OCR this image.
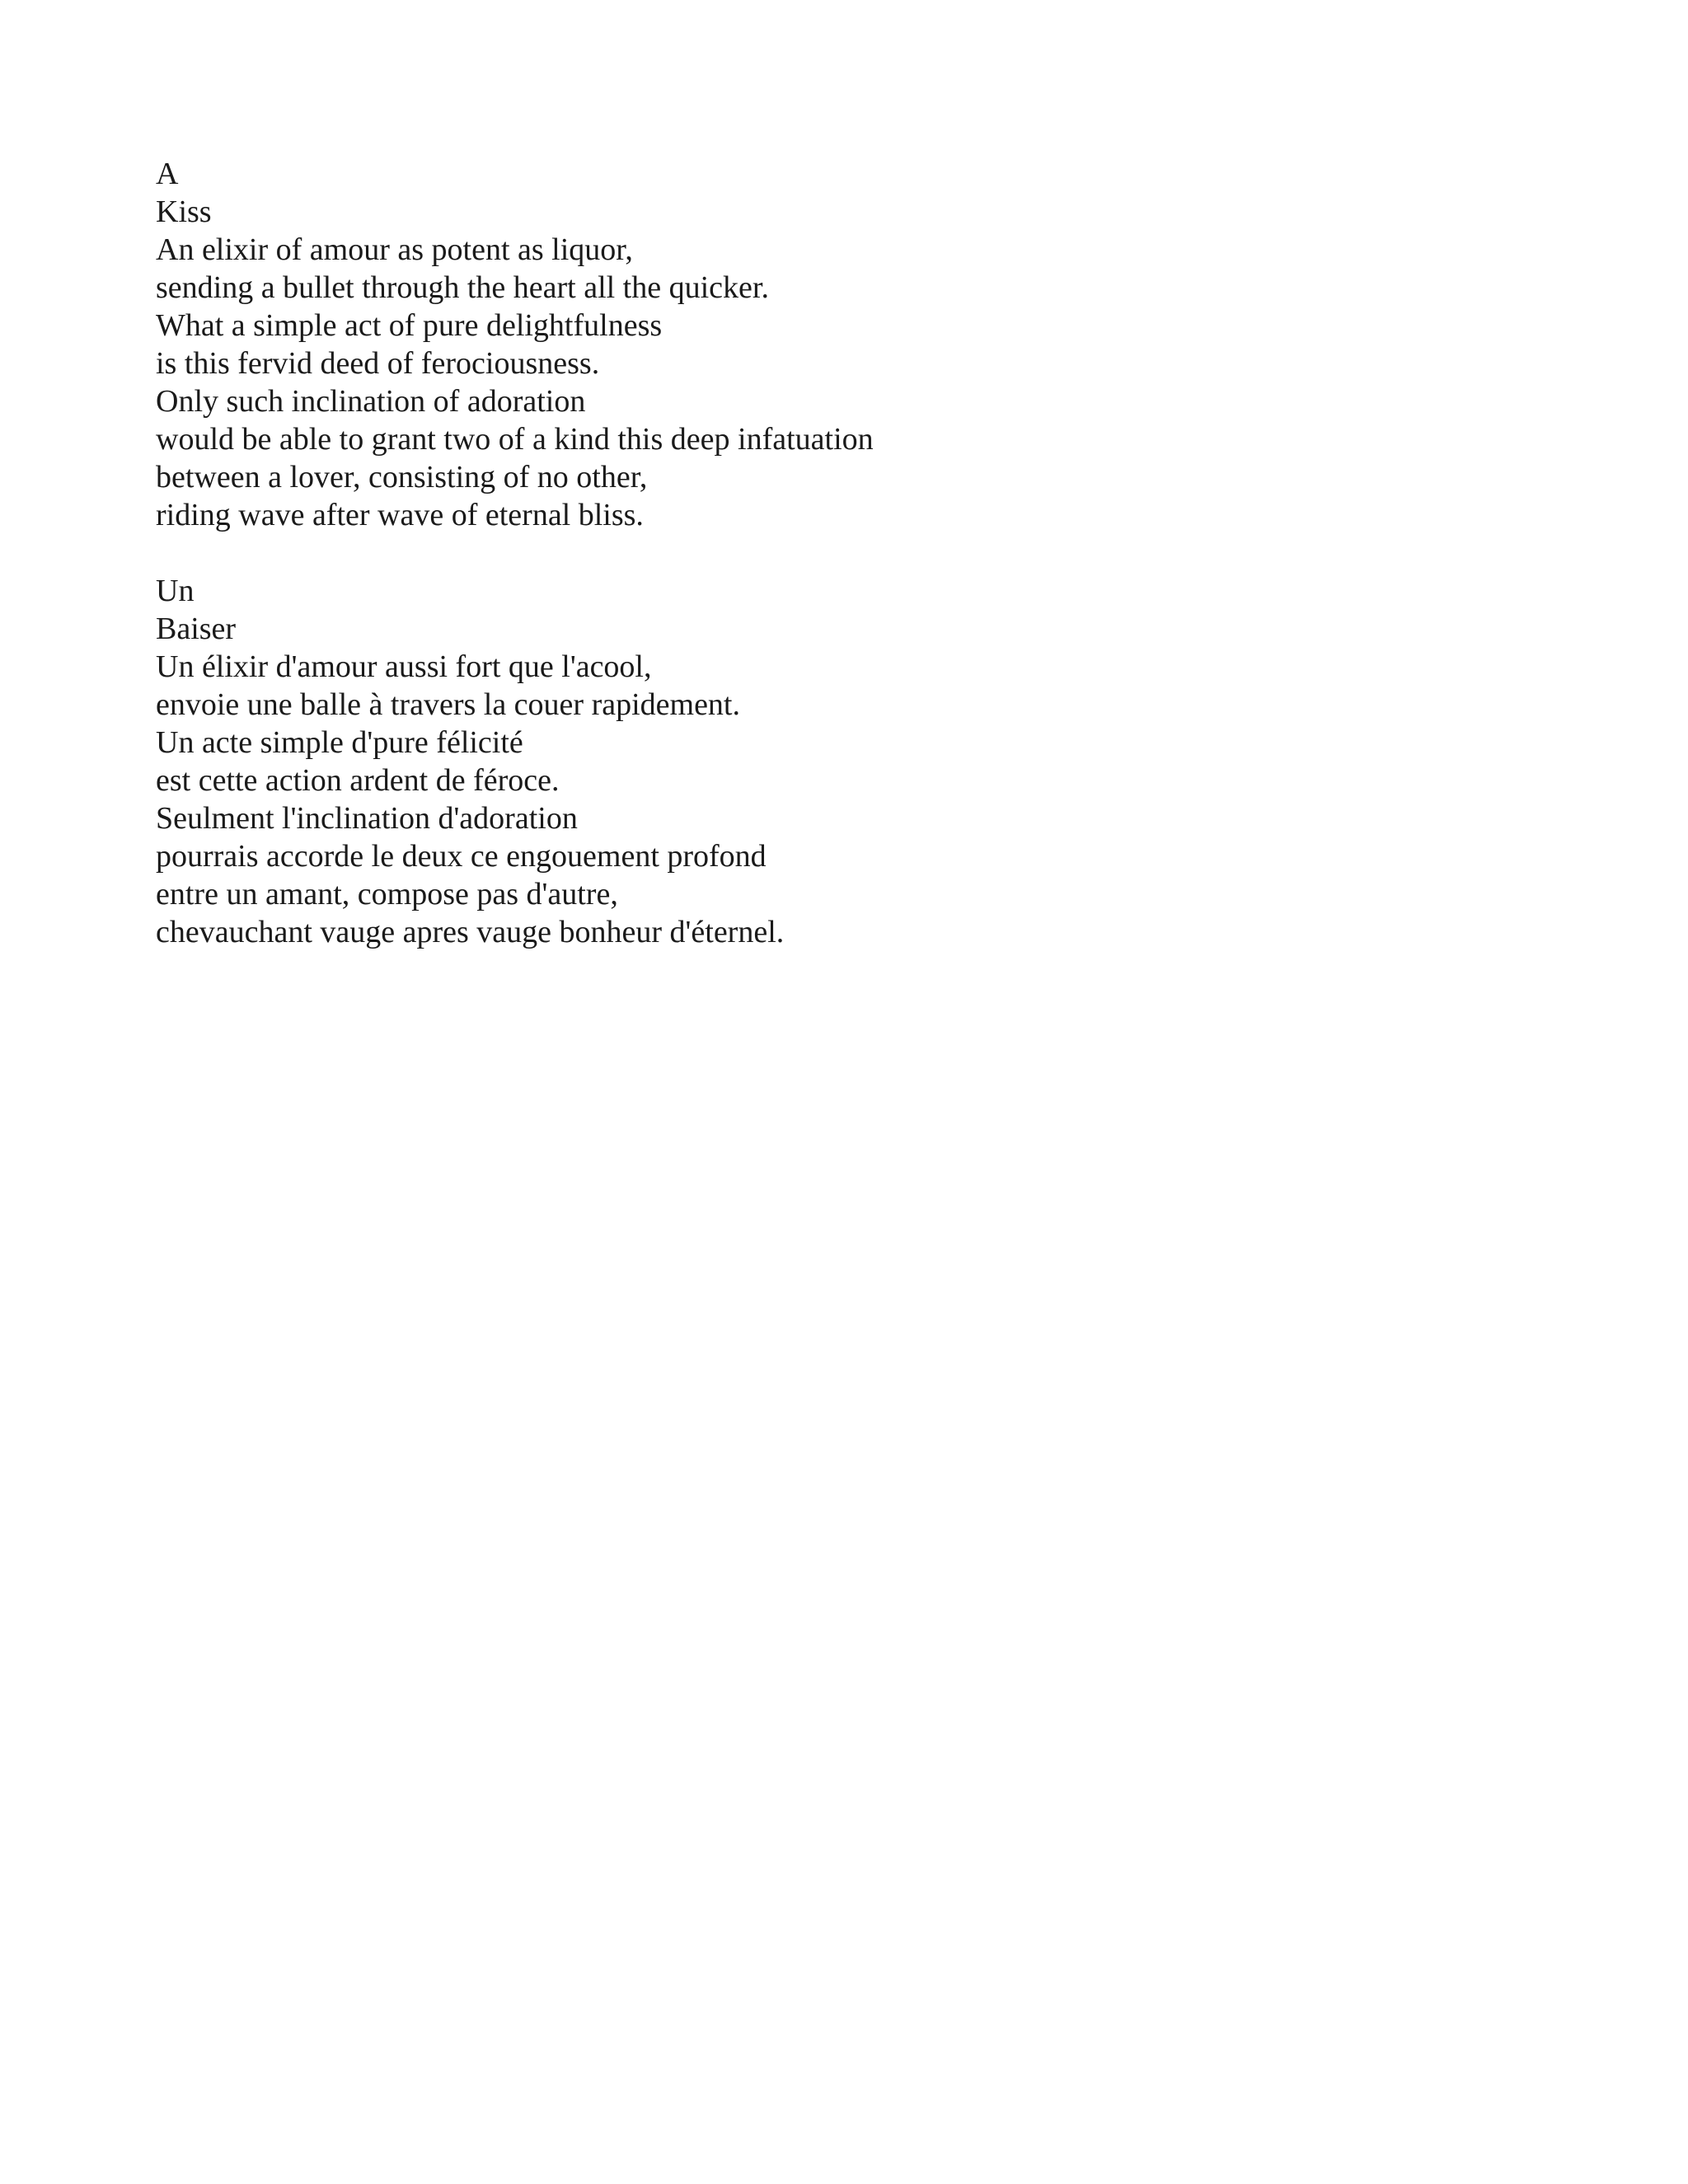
A
Kiss
An elixir of amour as potent as liquor,
sending a bullet through the heart all the quicker.
What a simple act of pure delightfulness
is this fervid deed of ferociousness.
Only such inclination of adoration
would be able to grant two of a kind this deep infatuation
between a lover, consisting of no other,
riding wave after wave of eternal bliss.
Un
Baiser
Un élixir d'amour aussi fort que l'acool,
envoie une balle à travers la couer rapidement.
Un acte simple d'pure félicité
est cette action ardent de féroce.
Seulment l'inclination d'adoration
pourrais accorde le deux ce engouement profond
entre un amant, compose pas d'autre,
chevauchant vauge apres vauge bonheur d'éternel.
